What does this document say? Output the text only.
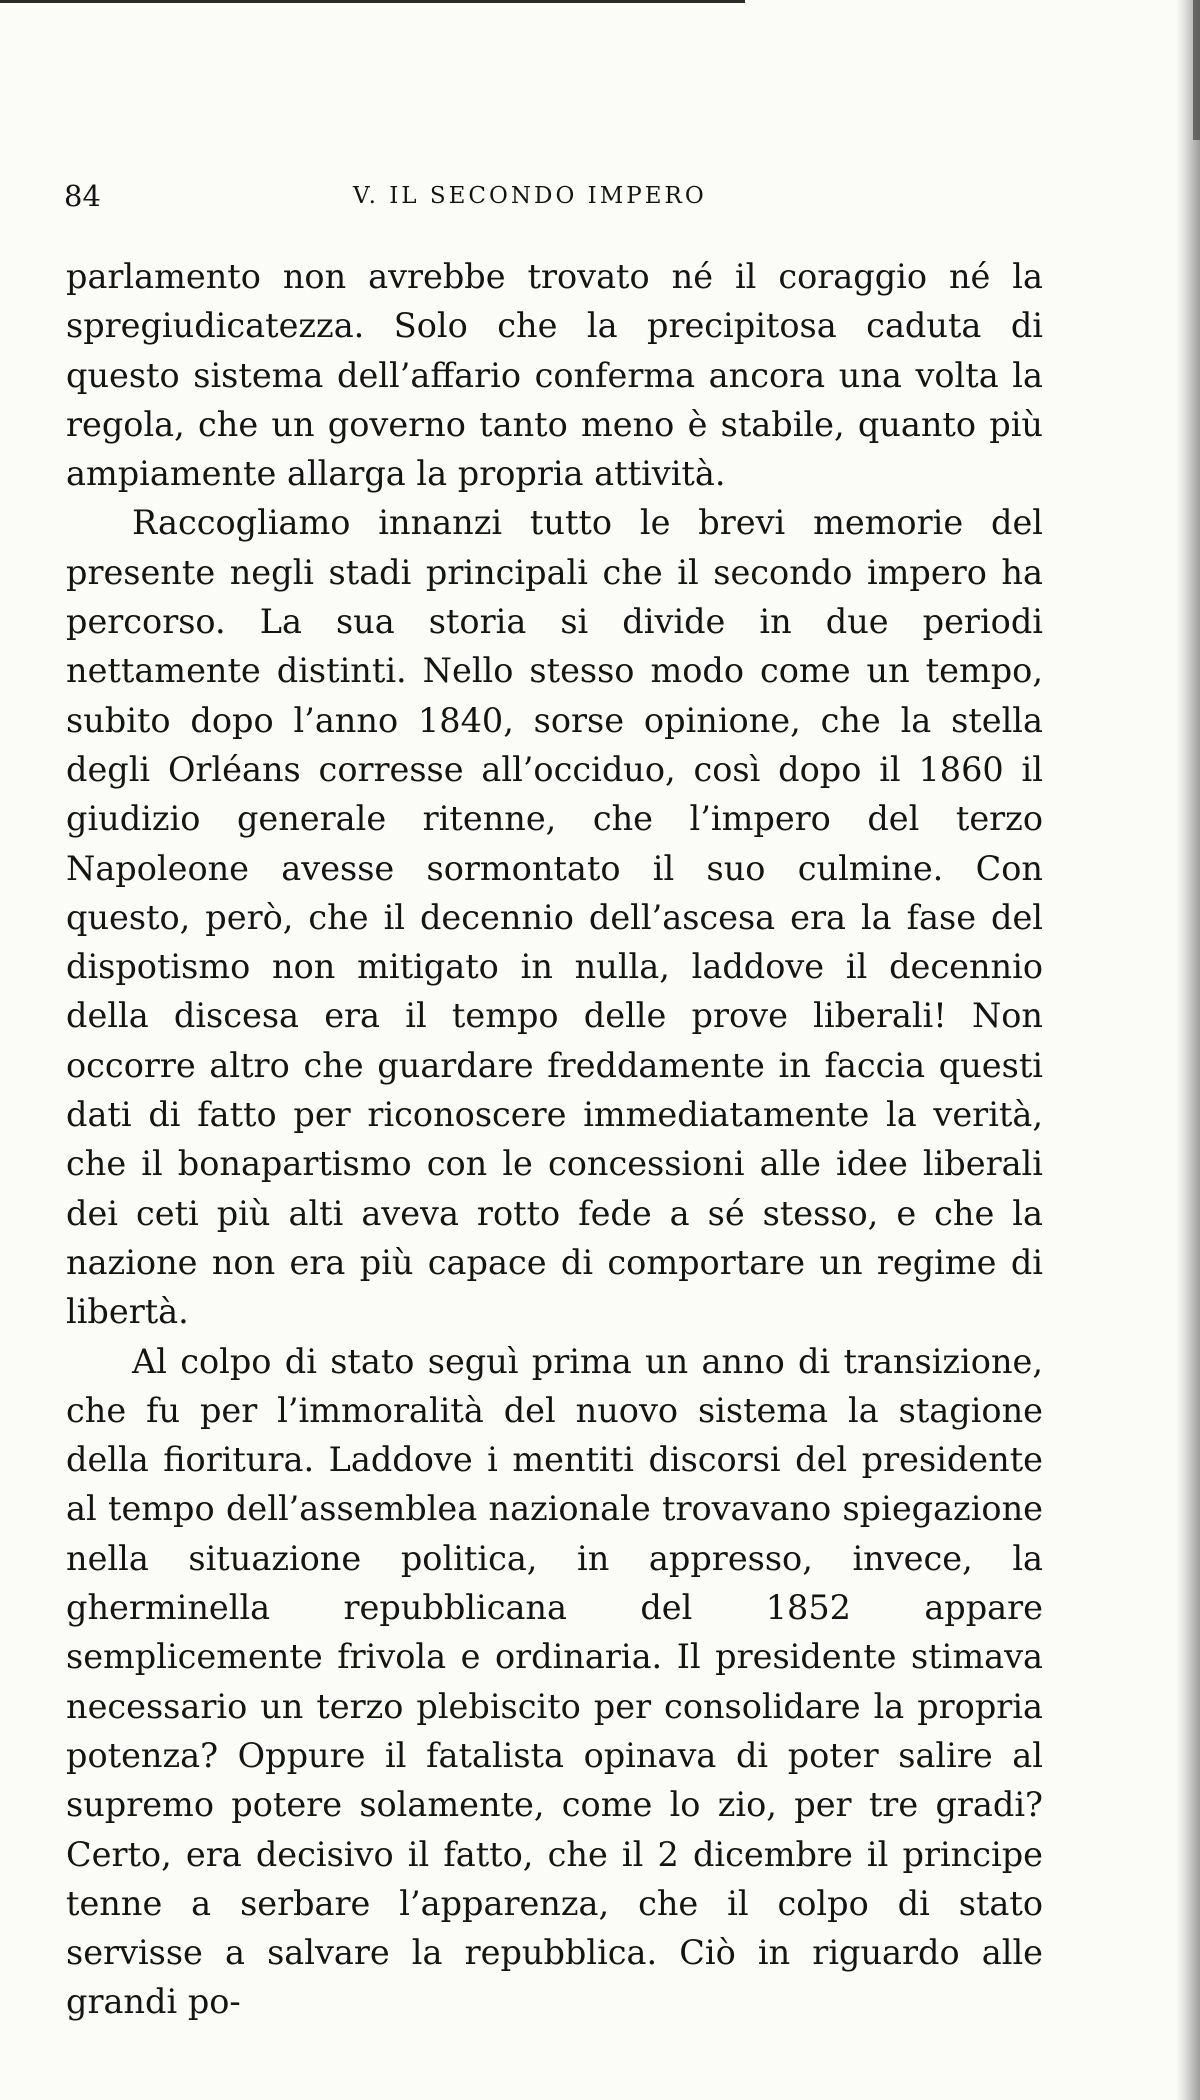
84	V. IL SECONDO IMPERO

parlamento non avrebbe trovato né il coraggio né la spregiudicatezza. Solo che la precipitosa caduta di questo sistema dell’affario conferma ancora una volta la regola, che un governo tanto meno è stabile, quanto più ampiamente allarga la propria attività.

Raccogliamo innanzi tutto le brevi memorie del presente negli stadi principali che il secondo impero ha percorso. La sua storia si divide in due periodi nettamente distinti. Nello stesso modo come un tempo, subito dopo l’anno 1840, sorse opinione, che la stella degli Orléans corresse all’occiduo, così dopo il 1860 il giudizio generale ritenne, che l’impero del terzo Napoleone avesse sormontato il suo culmine. Con questo, però, che il decennio dell’ascesa era la fase del dispotismo non mitigato in nulla, laddove il decennio della discesa era il tempo delle prove liberali! Non occorre altro che guardare freddamente in faccia questi dati di fatto per riconoscere immediatamente la verità, che il bonapartismo con le concessioni alle idee liberali dei ceti più alti aveva rotto fede a sé stesso, e che la nazione non era più capace di comportare un regime di libertà.

Al colpo di stato seguì prima un anno di transizione, che fu per l’immoralità del nuovo sistema la stagione della fioritura. Laddove i mentiti discorsi del presidente al tempo dell’assemblea nazionale trovavano spiegazione nella situazione politica, in appresso, invece, la gherminella repubblicana del 1852 appare semplicemente frivola e ordinaria. Il presidente stimava necessario un terzo plebiscito per consolidare la propria potenza? Oppure il fatalista opinava di poter salire al supremo potere solamente, come lo zio, per tre gradi? Certo, era decisivo il fatto, che il 2 dicembre il principe tenne a serbare l’apparenza, che il colpo di stato servisse a salvare la repubblica. Ciò in riguardo alle grandi po-
